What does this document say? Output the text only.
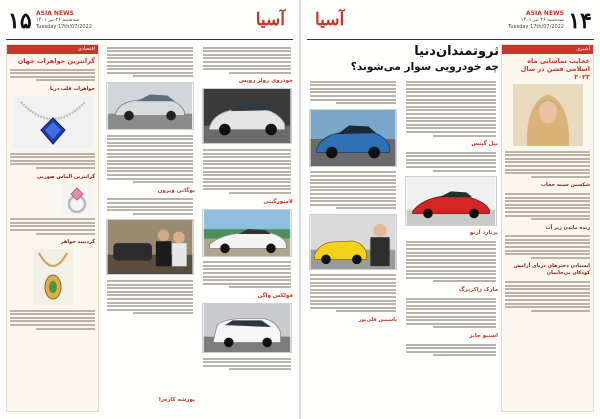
۱۵ ASIA NEWS
سه‌شنبه ۲۶ تیر ۱۴۰۱
Tuesday 17th/07/2022	آسیا
اقتصادی
گرانترین جواهرات جهان
جواهرات قلب دریا
گرانترین الماس صورتی
گردنبند جواهر
بوگاتی ویرون
خودروی رولز رویس
لامبورگینی
فولکس واگن
آسیا	ASIA NEWS
سه‌شنبه ۲۶ تیر ۱۴۰۱
Tuesday 17th/07/2022 ۱۴
ثروتمندان‌دنیا
چه خودرویی سوار می‌شوند؟
یاسمین قلی‌پور
بیل گیتس
برنارد آرنو
مارک زاکربرگ
استیو جابز
آشپزی
عجایب‌ تماشایی ماه‌ اسلامی فشن در سال ۲۰۲۲
شکستن سینه حجاب
زنده ماندن زیر آب
ایستادن دخترهای دریای آرامش کودکان بی‌خانمان
پورشه کاره‌را
